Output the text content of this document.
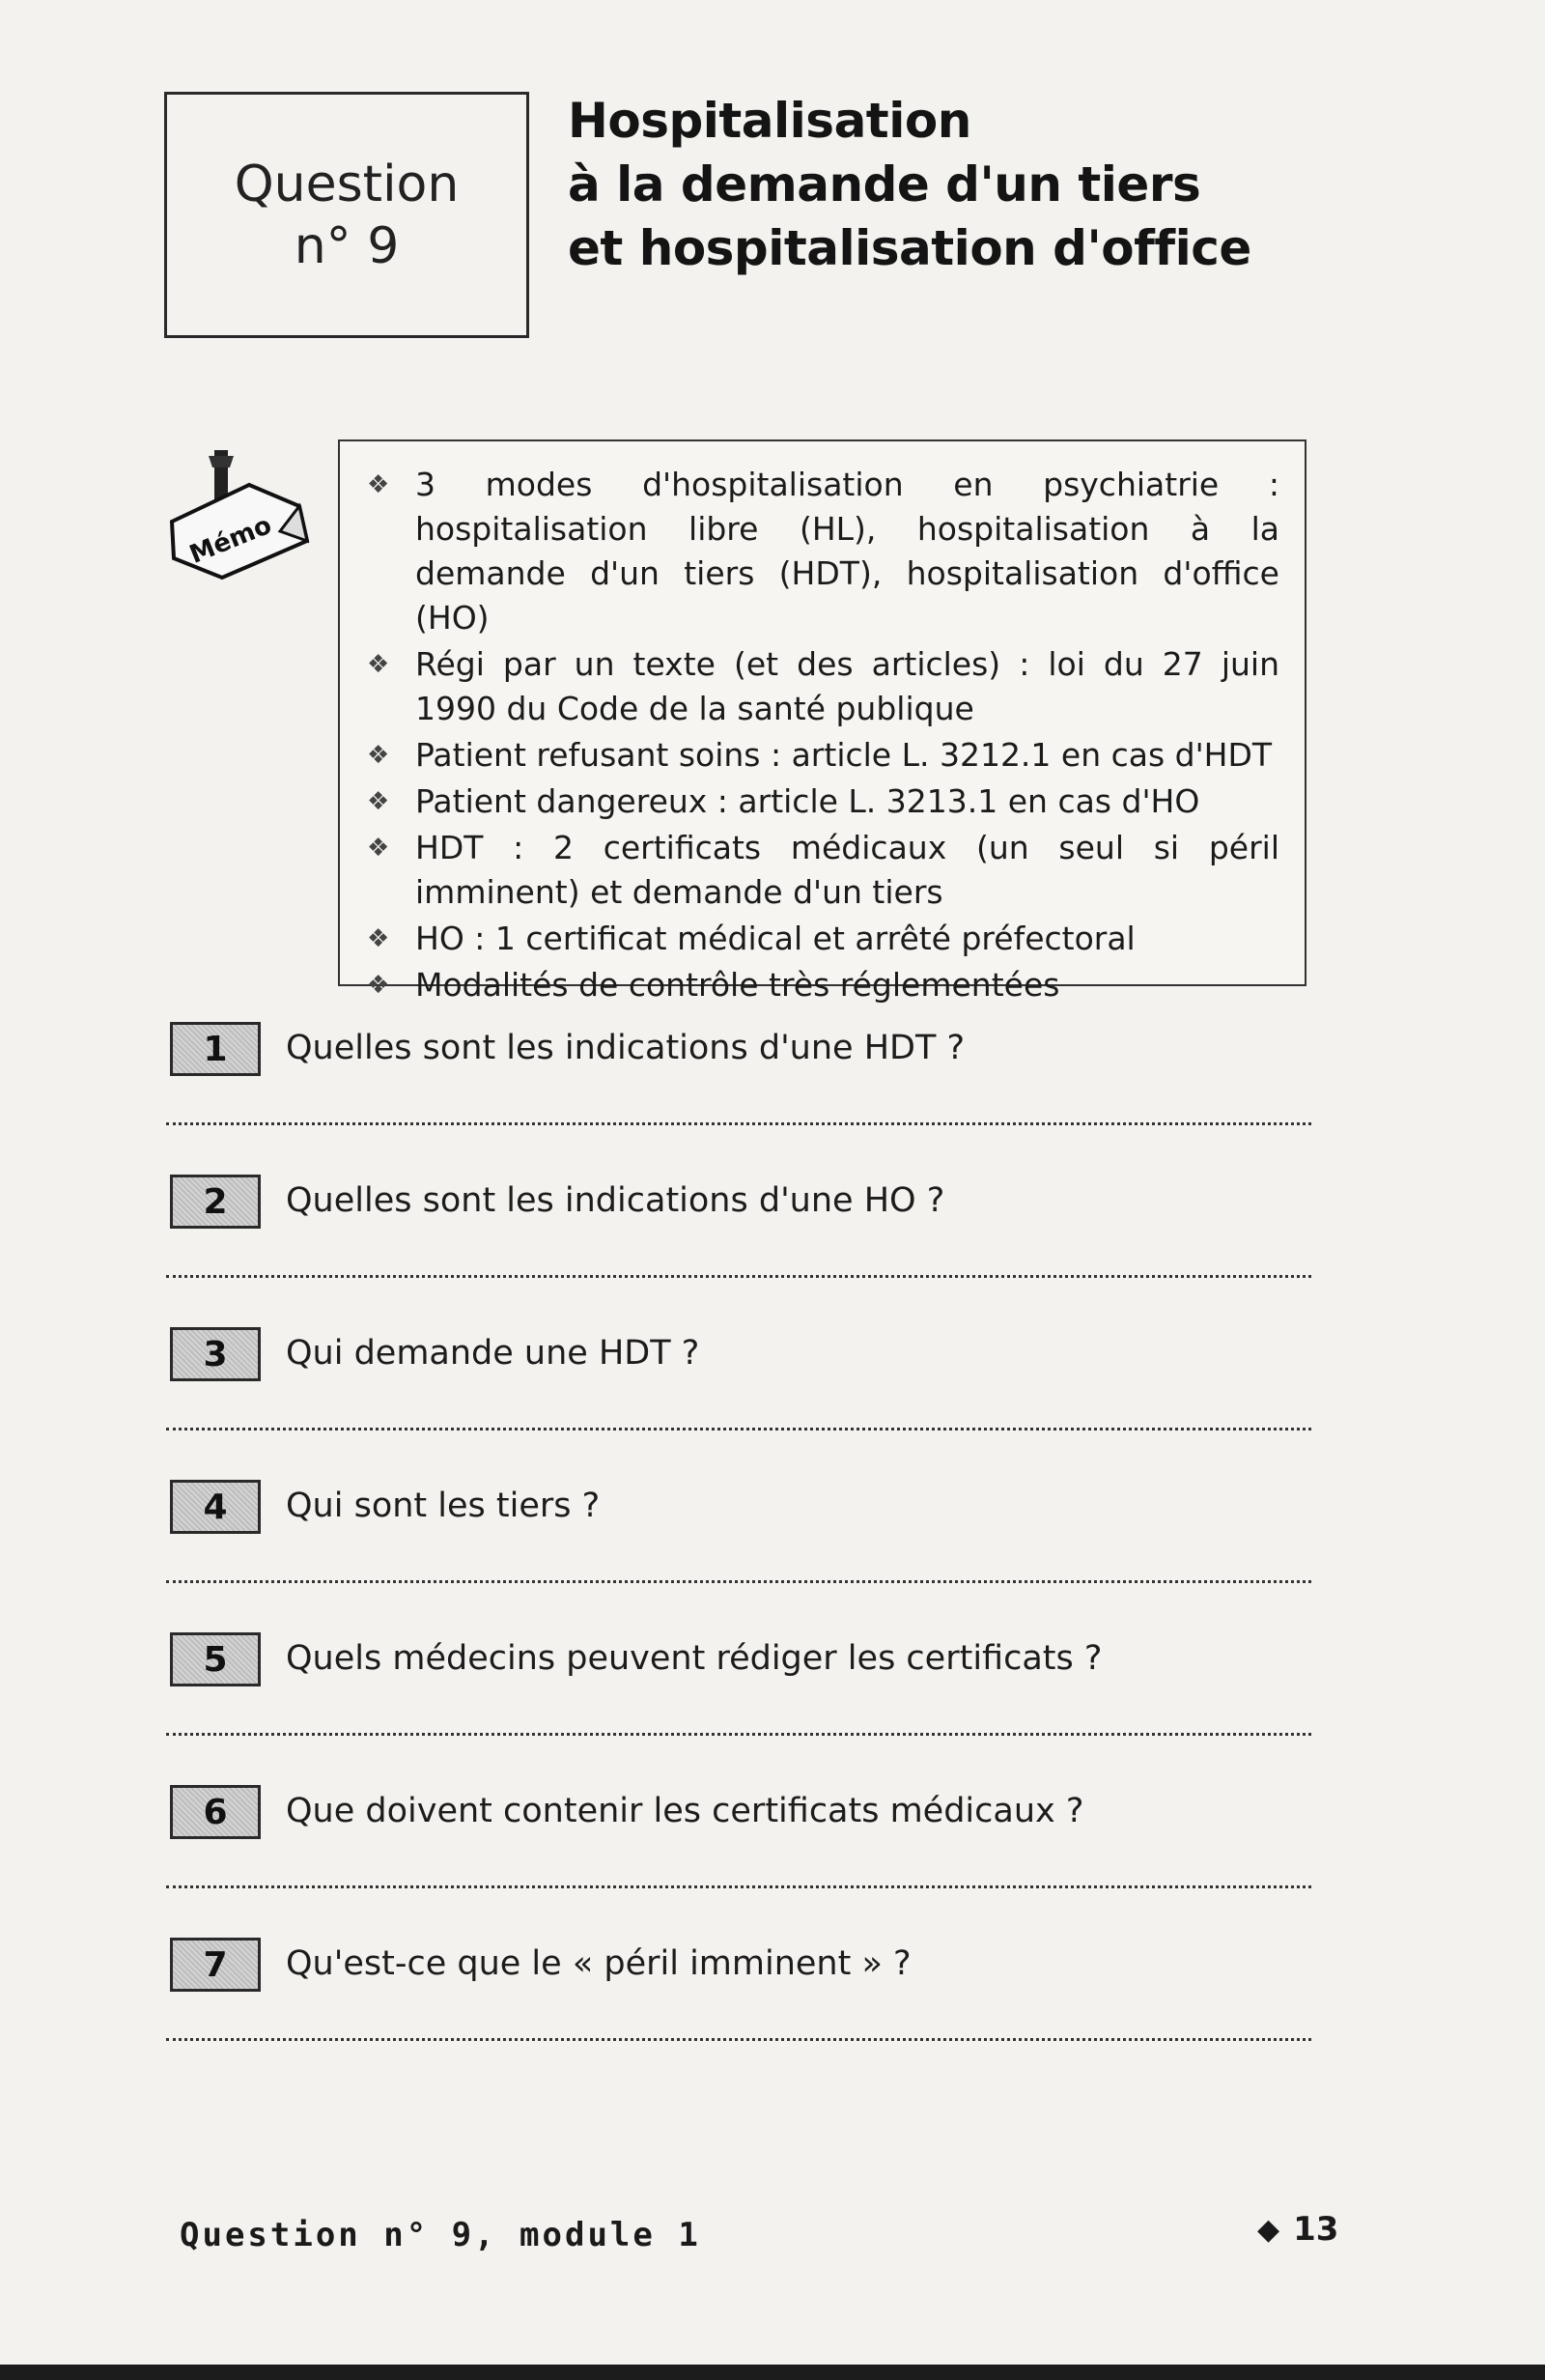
Question
n° 9
Hospitalisation
à la demande d'un tiers
et hospitalisation d'office
Mémo
❖ 3 modes d'hospitalisation en psychiatrie : hospitalisation libre (HL), hospitalisation à la demande d'un tiers (HDT), hospitalisation d'office (HO)
❖ Régi par un texte (et des articles) : loi du 27 juin 1990 du Code de la santé publique
❖ Patient refusant soins : article L. 3212.1 en cas d'HDT
❖ Patient dangereux : article L. 3213.1 en cas d'HO
❖ HDT : 2 certificats médicaux (un seul si péril imminent) et demande d'un tiers
❖ HO : 1 certificat médical et arrêté préfectoral
❖ Modalités de contrôle très réglementées
1	Quelles sont les indications d'une HDT ?
2	Quelles sont les indications d'une HO ?
3	Qui demande une HDT ?
4	Qui sont les tiers ?
5	Quels médecins peuvent rédiger les certificats ?
6	Que doivent contenir les certificats médicaux ?
7	Qu'est-ce que le « péril imminent » ?
Question n° 9, module 1	◆ 13
